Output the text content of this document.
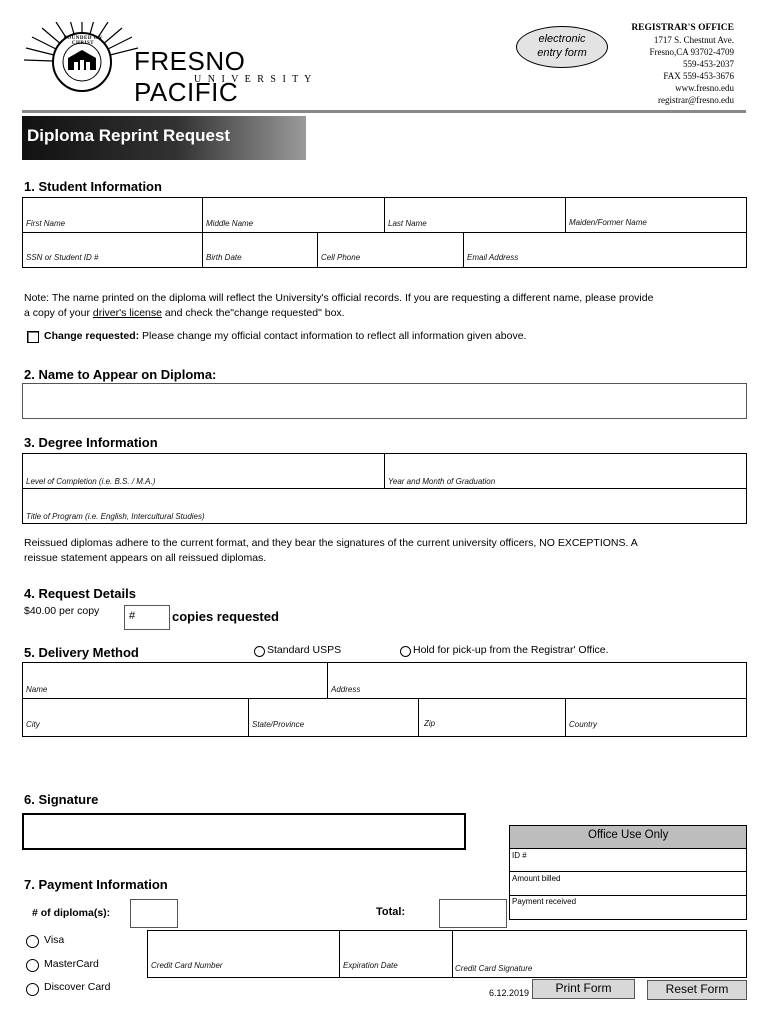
FOUNDED ON CHRIST
FRESNO PACIFIC
U N I V E R S I T Y
electronic
entry form
REGISTRAR'S OFFICE
1717 S. Chestnut Ave.
Fresno,CA 93702-4709
559-453-2037
FAX 559-453-3676
www.fresno.edu
registrar@fresno.edu
Diploma Reprint Request
1. Student Information
First Name	Middle Name	Last Name	Maiden/Former Name
SSN or Student ID #	Birth Date	Cell Phone	Email Address
Note: The name printed on the diploma will reflect the University's official records. If you are requesting a different name, please provide
a copy of your driver's license and check the"change requested" box.
Change requested: Please change my official contact information to reflect all information given above.
2. Name to Appear on Diploma:
3. Degree Information
Level of Completion (i.e. B.S. / M.A.)	Year and Month of Graduation
Title of Program (i.e. English, Intercultural Studies)
Reissued diplomas adhere to the current format, and they bear the signatures of the current university officers, NO EXCEPTIONS. A
reissue statement appears on all reissued diplomas.
4. Request Details
$40.00 per copy	#	copies requested
5. Delivery Method	Standard USPS	Hold for pick-up from the Registrar' Office.
Name	Address
City	State/Province	Zip	Country
6. Signature
Office Use Only
ID #
Amount billed
Payment received
7. Payment Information
# of diploma(s):	Total:
Visa
MasterCard
Discover Card
Credit Card Number	Expiration Date	Credit Card Signature
6.12.2019	Print Form	Reset Form
